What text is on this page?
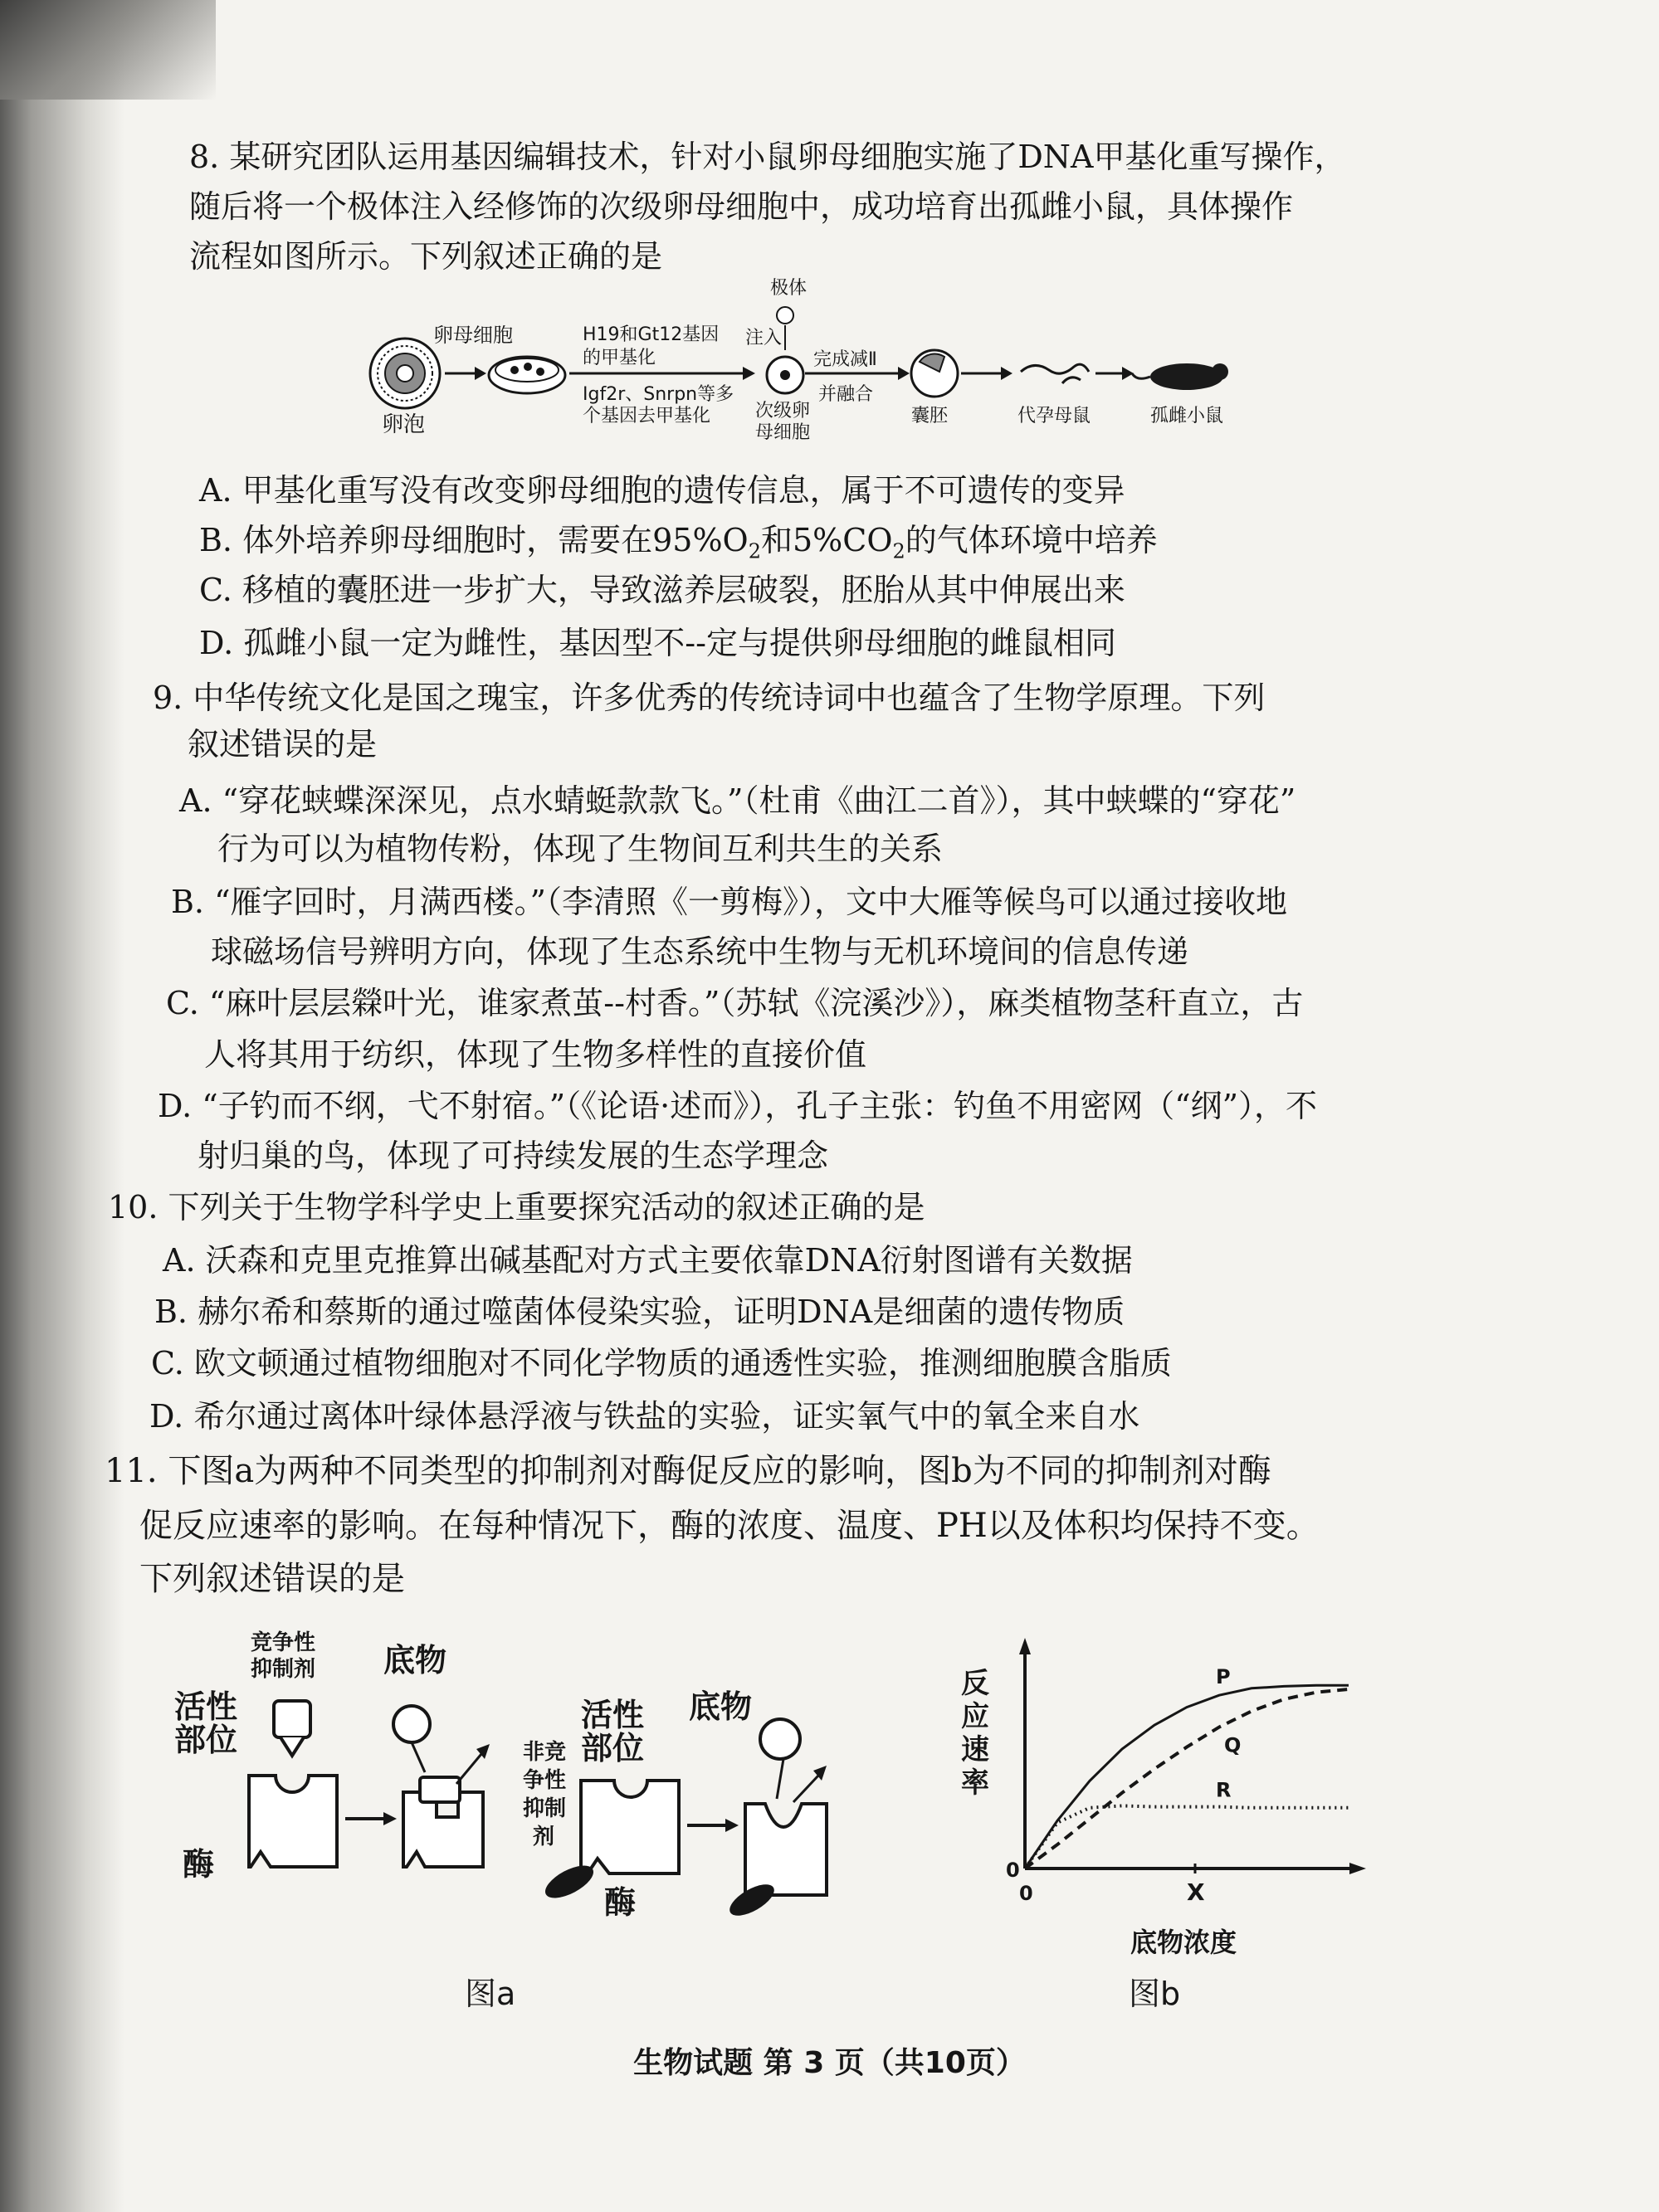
8. 某研究团队运用基因编辑技术，针对小鼠卵母细胞实施了DNA甲基化重写操作，
随后将一个极体注入经修饰的次级卵母细胞中，成功培育出孤雌小鼠，具体操作
流程如图所示。下列叙述正确的是
卵泡
卵母细胞	H19和Gt12基因
的甲基化
Igf2r、Snrpn等多
个基因去甲基化
极体
注入
次级卵
母细胞
完成减Ⅱ
并融合
囊胚	代孕母鼠	孤雌小鼠
A. 甲基化重写没有改变卵母细胞的遗传信息，属于不可遗传的变异
B. 体外培养卵母细胞时，需要在$95\%O_2$和$5\%CO_2$的气体环境中培养
C. 移植的囊胚进一步扩大，导致滋养层破裂，胚胎从其中伸展出来
D. 孤雌小鼠一定为雌性，基因型不--定与提供卵母细胞的雌鼠相同
9. 中华传统文化是国之瑰宝，许多优秀的传统诗词中也蕴含了生物学原理。下列
叙述错误的是
A. “穿花蛱蝶深深见，点水蜻蜓款款飞。”（杜甫《曲江二首》），其中蛱蝶的“穿花”
行为可以为植物传粉，体现了生物间互利共生的关系
B. “雁字回时，月满西楼。”（李清照《一剪梅》），文中大雁等候鸟可以通过接收地
球磁场信号辨明方向，体现了生态系统中生物与无机环境间的信息传递
C. “麻叶层层檾叶光，谁家煮茧--村香。”（苏轼《浣溪沙》），麻类植物茎秆直立，古
人将其用于纺织，体现了生物多样性的直接价值
D. “子钓而不纲，弋不射宿。”（《论语·述而》），孔子主张：钓鱼不用密网（“纲”），不
射归巢的鸟，体现了可持续发展的生态学理念
10. 下列关于生物学科学史上重要探究活动的叙述正确的是
A. 沃森和克里克推算出碱基配对方式主要依靠DNA衍射图谱有关数据
B. 赫尔希和蔡斯的通过噬菌体侵染实验，证明DNA是细菌的遗传物质
C. 欧文顿通过植物细胞对不同化学物质的通透性实验，推测细胞膜含脂质
D. 希尔通过离体叶绿体悬浮液与铁盐的实验，证实氧气中的氧全来自水
11. 下图a为两种不同类型的抑制剂对酶促反应的影响，图b为不同的抑制剂对酶
促反应速率的影响。在每种情况下，酶的浓度、温度、PH以及体积均保持不变。
下列叙述错误的是
竞争性
抑制剂
活性
部位
酶
底物
非竞
争性
抑制
剂
活性
部位
酶
底物
图a
反
应
速
率
0
0	X
底物浓度
P
Q
R
图b
生物试题 第 3 页（共10页）
